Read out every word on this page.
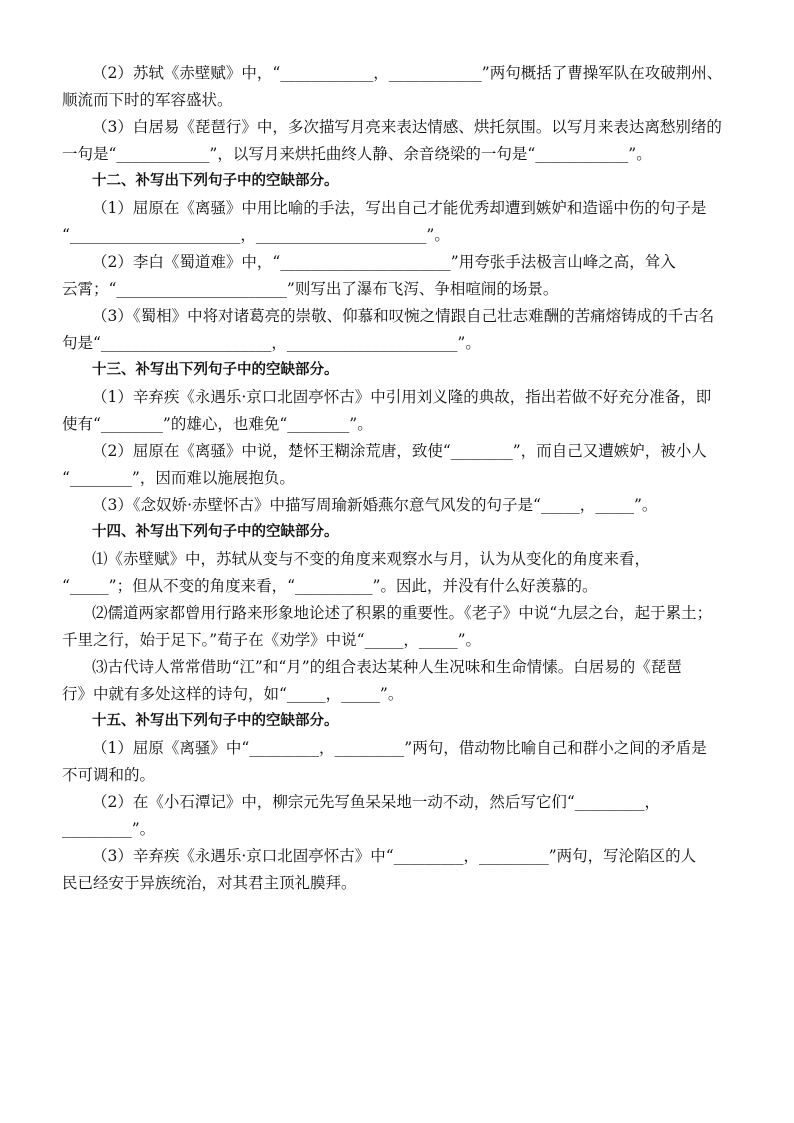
（2）苏轼《赤壁赋》中，“____________，____________”两句概括了曹操军队在攻破荆州、
顺流而下时的军容盛状。
（3）白居易《琵琶行》中，多次描写月亮来表达情感、烘托氛围。以写月来表达离愁别绪的
一句是“____________”，以写月来烘托曲终人静、余音绕梁的一句是“____________”。
十二、补写出下列句子中的空缺部分。
（1）屈原在《离骚》中用比喻的手法，写出自己才能优秀却遭到嫉妒和造谣中伤的句子是
“______________________，______________________”。
（2）李白《蜀道难》中，“______________________”用夸张手法极言山峰之高，耸入
云霄；“______________________”则写出了瀑布飞泻、争相喧闹的场景。
（3）《蜀相》中将对诸葛亮的崇敬、仰慕和叹惋之情跟自己壮志难酬的苦痛熔铸成的千古名
句是“______________________，______________________”。
十三、补写出下列句子中的空缺部分。
（1）辛弃疾《永遇乐·京口北固亭怀古》中引用刘义隆的典故，指出若做不好充分准备，即
使有“________”的雄心，也难免“________”。
（2）屈原在《离骚》中说，楚怀王糊涂荒唐，致使“________”，而自己又遭嫉妒，被小人
“________”，因而难以施展抱负。
（3）《念奴娇·赤壁怀古》中描写周瑜新婚燕尔意气风发的句子是“_____，_____”。
十四、补写出下列句子中的空缺部分。
⑴《赤壁赋》中，苏轼从变与不变的角度来观察水与月，认为从变化的角度来看，
“_____”；但从不变的角度来看，“__________”。因此，并没有什么好羡慕的。
⑵儒道两家都曾用行路来形象地论述了积累的重要性。《老子》中说“九层之台，起于累土；
千里之行，始于足下。”荀子在《劝学》中说“_____，_____”。
⑶古代诗人常常借助“江”和“月”的组合表达某种人生况味和生命情愫。白居易的《琵琶
行》中就有多处这样的诗句，如“_____，_____”。
十五、补写出下列句子中的空缺部分。
（1）屈原《离骚》中“_________，_________”两句，借动物比喻自己和群小之间的矛盾是
不可调和的。
（2）在《小石潭记》中，柳宗元先写鱼呆呆地一动不动，然后写它们“_________，
_________”。
（3）辛弃疾《永遇乐·京口北固亭怀古》中“_________，_________”两句，写沦陷区的人
民已经安于异族统治，对其君主顶礼膜拜。
